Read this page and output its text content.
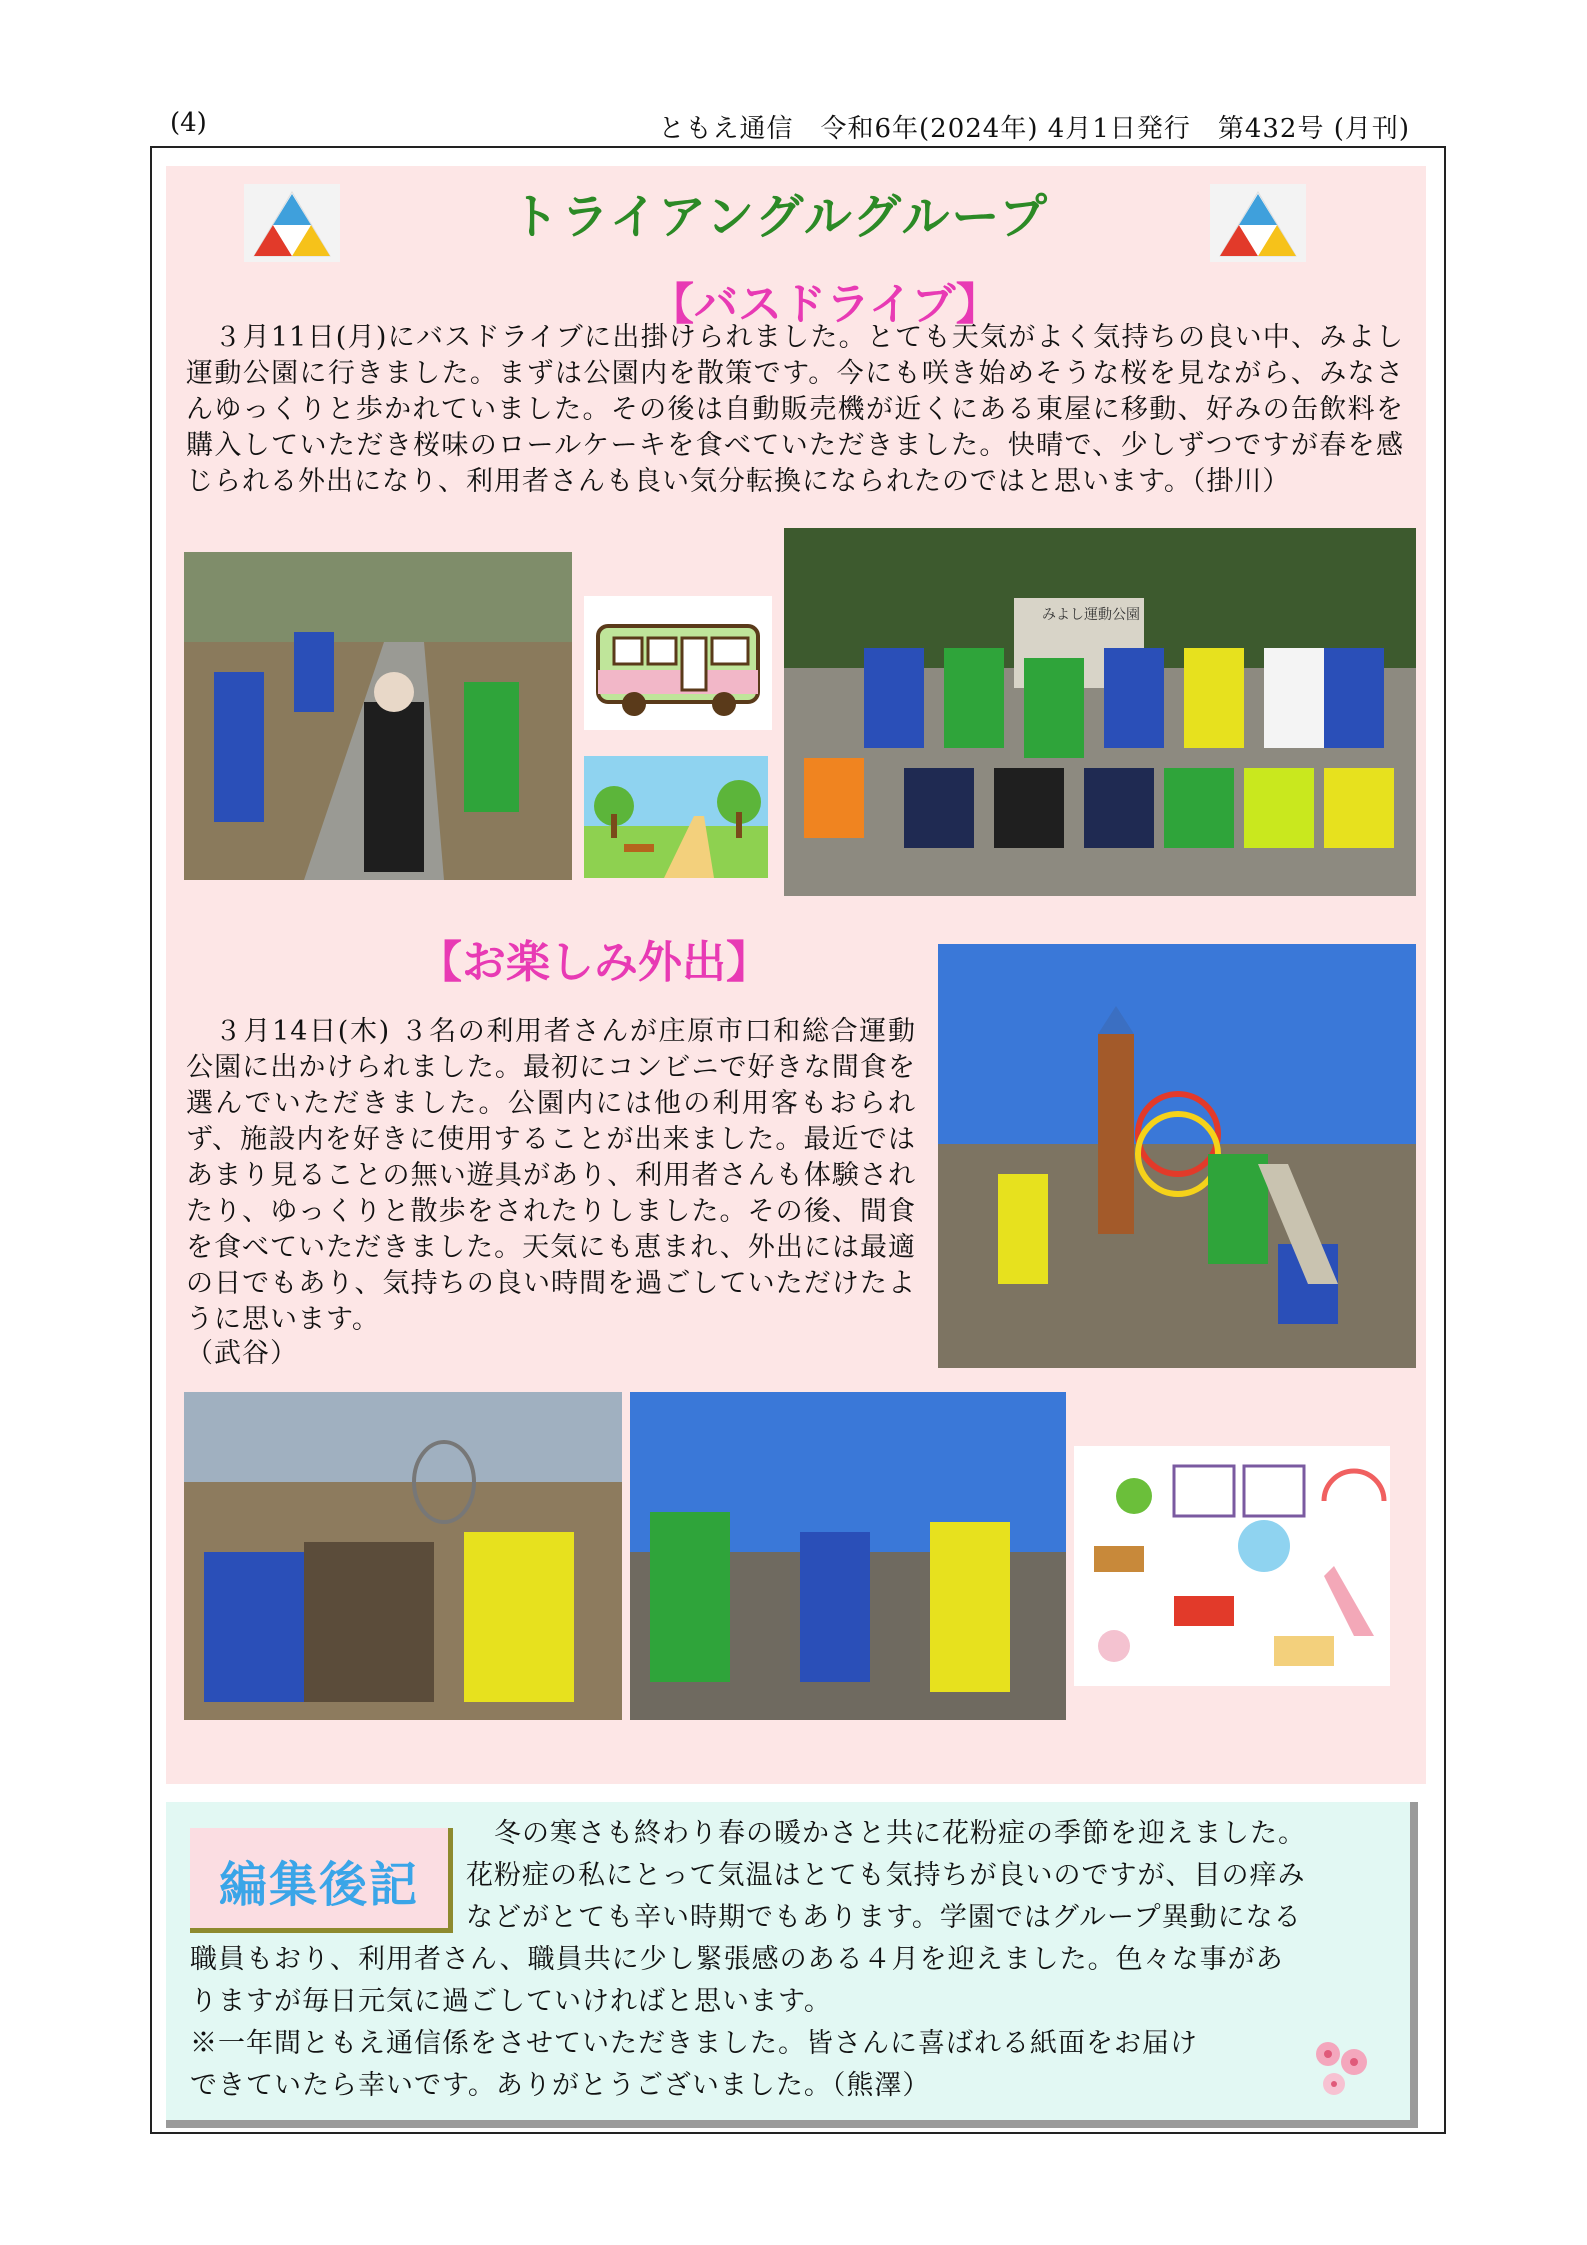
(4)	ともえ通信　令和6年(2024年) 4月1日発行　第432号 (月刊)
トライアングルグループ
【バスドライブ】
　３月11日(月)にバスドライブに出掛けられました。とても天気がよく気持ちの良い中、みよし運動公園に行きました。まずは公園内を散策です。今にも咲き始めそうな桜を見ながら、みなさんゆっくりと歩かれていました。その後は自動販売機が近くにある東屋に移動、好みの缶飲料を購入していただき桜味のロールケーキを食べていただきました。快晴で、少しずつですが春を感じられる外出になり、利用者さんも良い気分転換になられたのではと思います。（掛川）
みよし運動公園
【お楽しみ外出】
　３月14日(木) ３名の利用者さんが庄原市口和総合運動公園に出かけられました。最初にコンビニで好きな間食を選んでいただきました。公園内には他の利用客もおられず、施設内を好きに使用することが出来ました。最近ではあまり見ることの無い遊具があり、利用者さんも体験されたり、ゆっくりと散歩をされたりしました。その後、間食を食べていただきました。天気にも恵まれ、外出には最適の日でもあり、気持ちの良い時間を過ごしていただけたように思います。
（武谷）
編集後記
冬の寒さも終わり春の暖かさと共に花粉症の季節を迎えました。
花粉症の私にとって気温はとても気持ちが良いのですが、目の痒み
などがとても辛い時期でもあります。学園ではグループ異動になる
職員もおり、利用者さん、職員共に少し緊張感のある４月を迎えました。色々な事があ
りますが毎日元気に過ごしていければと思います。
※一年間ともえ通信係をさせていただきました。皆さんに喜ばれる紙面をお届け
できていたら幸いです。ありがとうございました。（熊澤）
